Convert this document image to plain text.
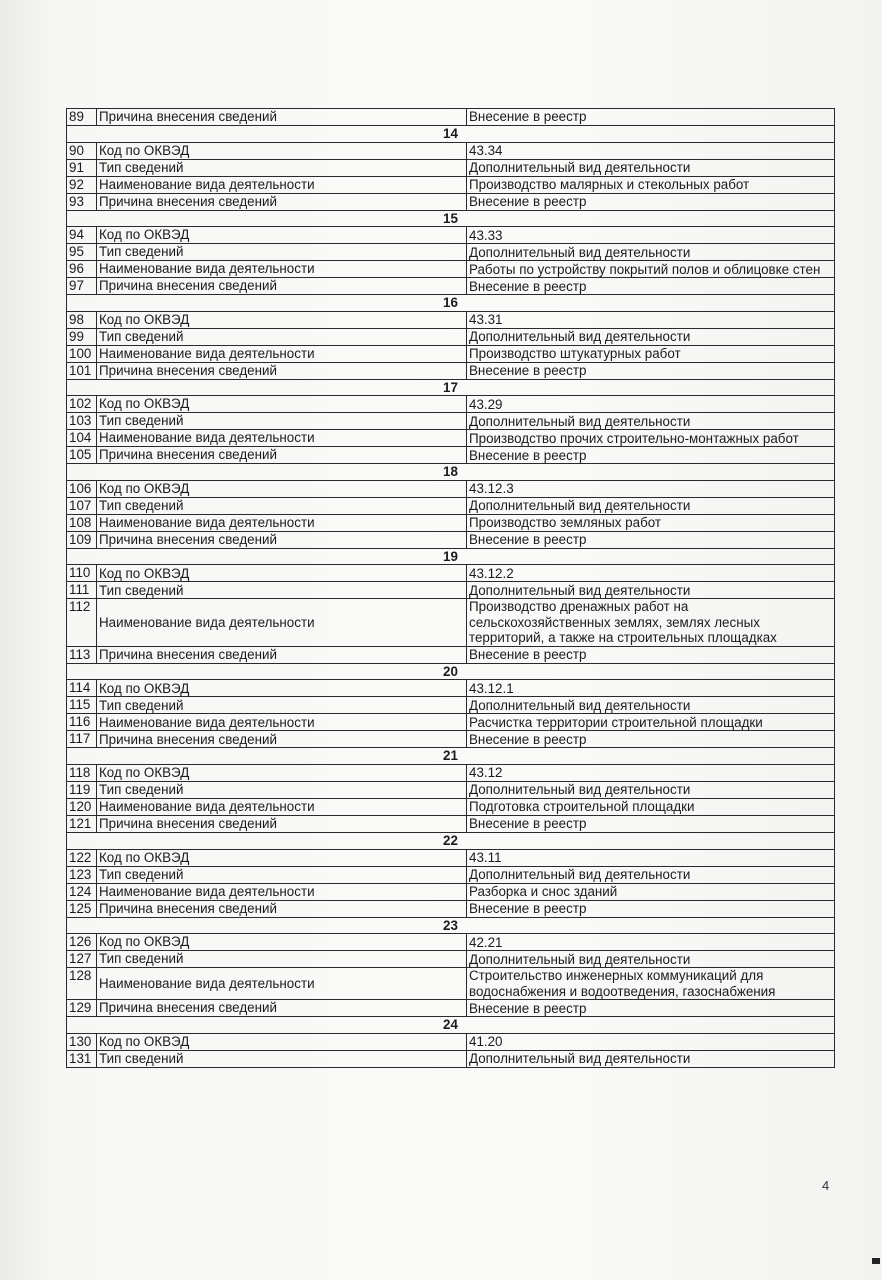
89	Причина внесения сведений	Внесение в реестр
14		
90	Код по ОКВЭД	43.34
91	Тип сведений	Дополнительный вид деятельности
92	Наименование вида деятельности	Производство малярных и стекольных работ
93	Причина внесения сведений	Внесение в реестр
15		
94	Код по ОКВЭД	43.33
95	Тип сведений	Дополнительный вид деятельности
96	Наименование вида деятельности	Работы по устройству покрытий полов и облицовке стен
97	Причина внесения сведений	Внесение в реестр
16		
98	Код по ОКВЭД	43.31
99	Тип сведений	Дополнительный вид деятельности
100	Наименование вида деятельности	Производство штукатурных работ
101	Причина внесения сведений	Внесение в реестр
17		
102	Код по ОКВЭД	43.29
103	Тип сведений	Дополнительный вид деятельности
104	Наименование вида деятельности	Производство прочих строительно-монтажных работ
105	Причина внесения сведений	Внесение в реестр
18		
106	Код по ОКВЭД	43.12.3
107	Тип сведений	Дополнительный вид деятельности
108	Наименование вида деятельности	Производство земляных работ
109	Причина внесения сведений	Внесение в реестр
19		
110	Код по ОКВЭД	43.12.2
111	Тип сведений	Дополнительный вид деятельности
112	Наименование вида деятельности	Производство дренажных работ на сельскохозяйственных землях, землях лесных территорий, а также на строительных площадках
113	Причина внесения сведений	Внесение в реестр
20		
114	Код по ОКВЭД	43.12.1
115	Тип сведений	Дополнительный вид деятельности
116	Наименование вида деятельности	Расчистка территории строительной площадки
117	Причина внесения сведений	Внесение в реестр
21		
118	Код по ОКВЭД	43.12
119	Тип сведений	Дополнительный вид деятельности
120	Наименование вида деятельности	Подготовка строительной площадки
121	Причина внесения сведений	Внесение в реестр
22		
122	Код по ОКВЭД	43.11
123	Тип сведений	Дополнительный вид деятельности
124	Наименование вида деятельности	Разборка и снос зданий
125	Причина внесения сведений	Внесение в реестр
23		
126	Код по ОКВЭД	42.21
127	Тип сведений	Дополнительный вид деятельности
128	Наименование вида деятельности	Строительство инженерных коммуникаций для водоснабжения и водоотведения, газоснабжения
129	Причина внесения сведений	Внесение в реестр
24		
130	Код по ОКВЭД	41.20
131	Тип сведений	Дополнительный вид деятельности
4
